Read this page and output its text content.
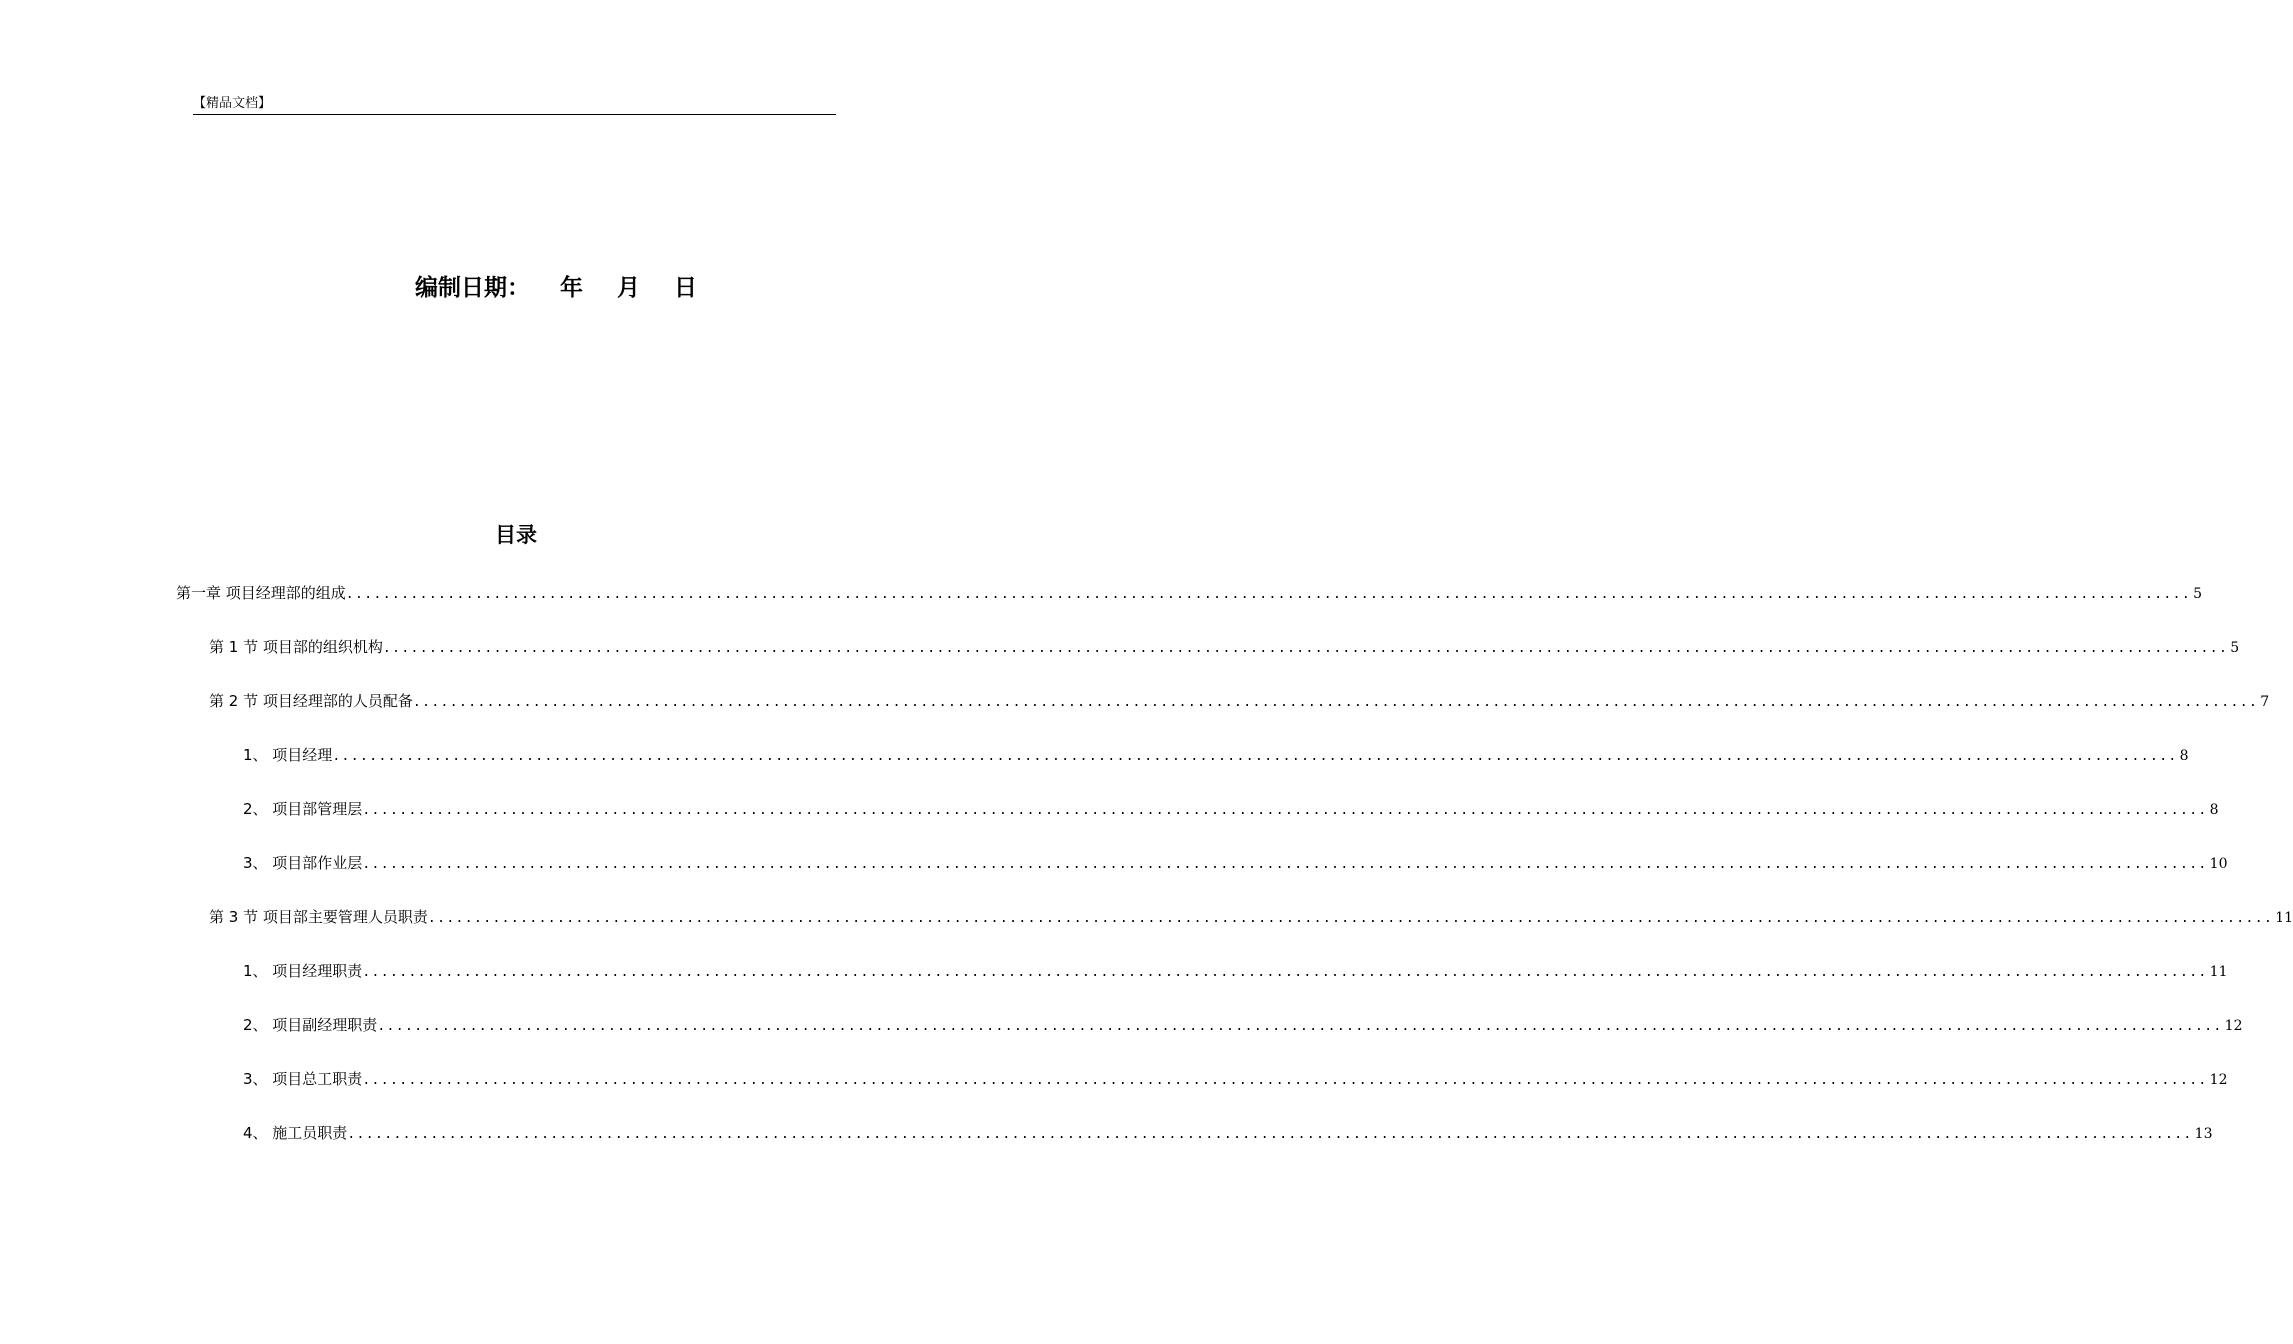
【精品文档】
编制日期： 年 月 日
目录
第一章 项目经理部的组成 ........................................................................................................................................................................................................ 5
第 1 节 项目部的组织机构 ........................................................................................................................................................................................................ 5
第 2 节 项目经理部的人员配备 ........................................................................................................................................................................................................ 7
1、 项目经理 ........................................................................................................................................................................................................ 8
2、 项目部管理层 ........................................................................................................................................................................................................ 8
3、 项目部作业层 ........................................................................................................................................................................................................ 10
第 3 节 项目部主要管理人员职责 ........................................................................................................................................................................................................ 11
1、 项目经理职责 ........................................................................................................................................................................................................ 11
2、 项目副经理职责 ........................................................................................................................................................................................................ 12
3、 项目总工职责 ........................................................................................................................................................................................................ 12
4、 施工员职责 ........................................................................................................................................................................................................ 13
